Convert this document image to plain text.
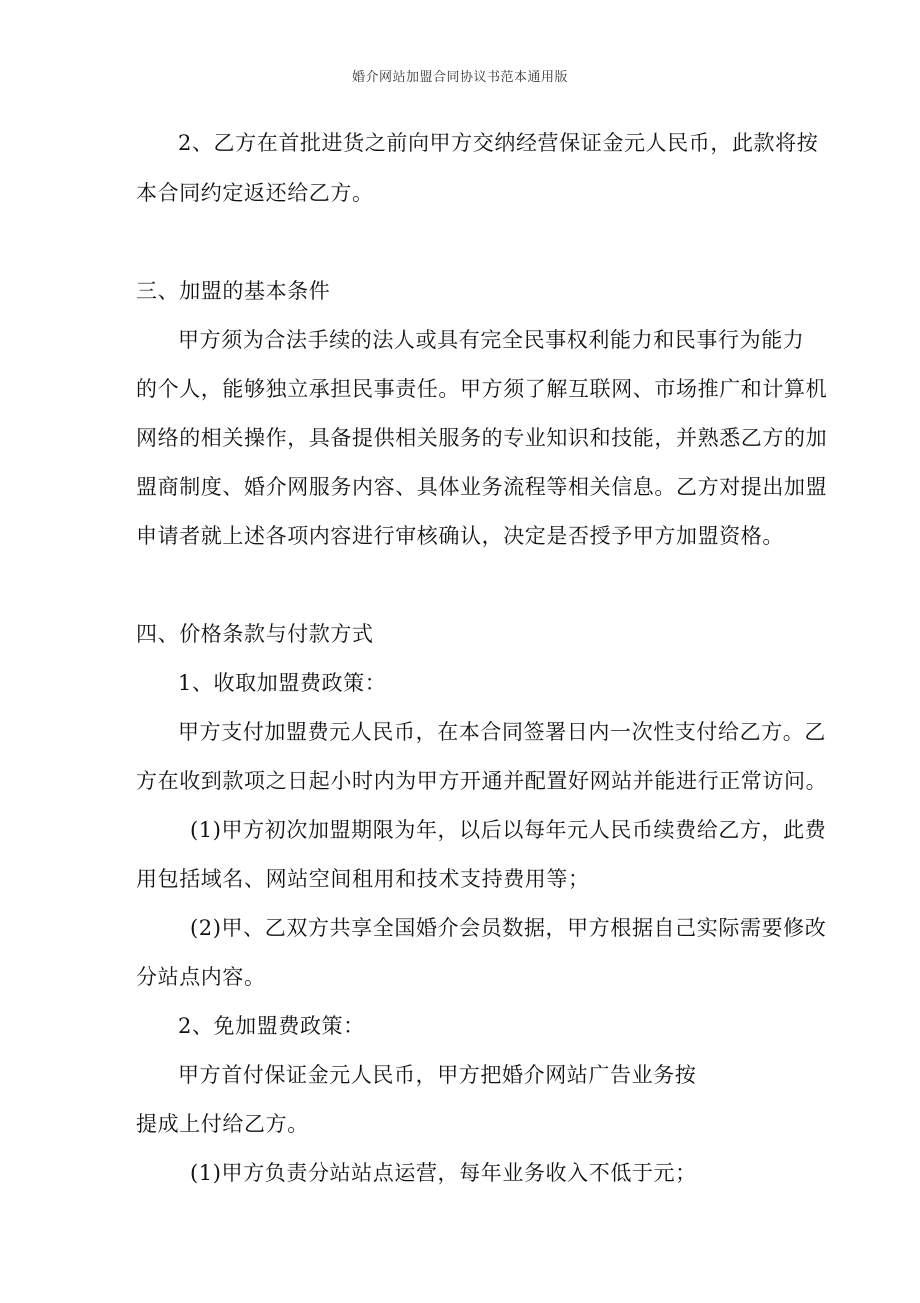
婚介网站加盟合同协议书范本通用版
2、乙方在首批进货之前向甲方交纳经营保证金元人民币，此款将按
本合同约定返还给乙方。
三、加盟的基本条件
甲方须为合法手续的法人或具有完全民事权利能力和民事行为能力
的个人，能够独立承担民事责任。甲方须了解互联网、市场推广和计算机
网络的相关操作，具备提供相关服务的专业知识和技能，并熟悉乙方的加
盟商制度、婚介网服务内容、具体业务流程等相关信息。乙方对提出加盟
申请者就上述各项内容进行审核确认，决定是否授予甲方加盟资格。
四、价格条款与付款方式
1、收取加盟费政策：
甲方支付加盟费元人民币，在本合同签署日内一次性支付给乙方。乙
方在收到款项之日起小时内为甲方开通并配置好网站并能进行正常访问。
(1)甲方初次加盟期限为年，以后以每年元人民币续费给乙方，此费
用包括域名、网站空间租用和技术支持费用等；
(2)甲、乙双方共享全国婚介会员数据，甲方根据自己实际需要修改
分站点内容。
2、免加盟费政策：
甲方首付保证金元人民币，甲方把婚介网站广告业务按
提成上付给乙方。
(1)甲方负责分站站点运营，每年业务收入不低于元；
